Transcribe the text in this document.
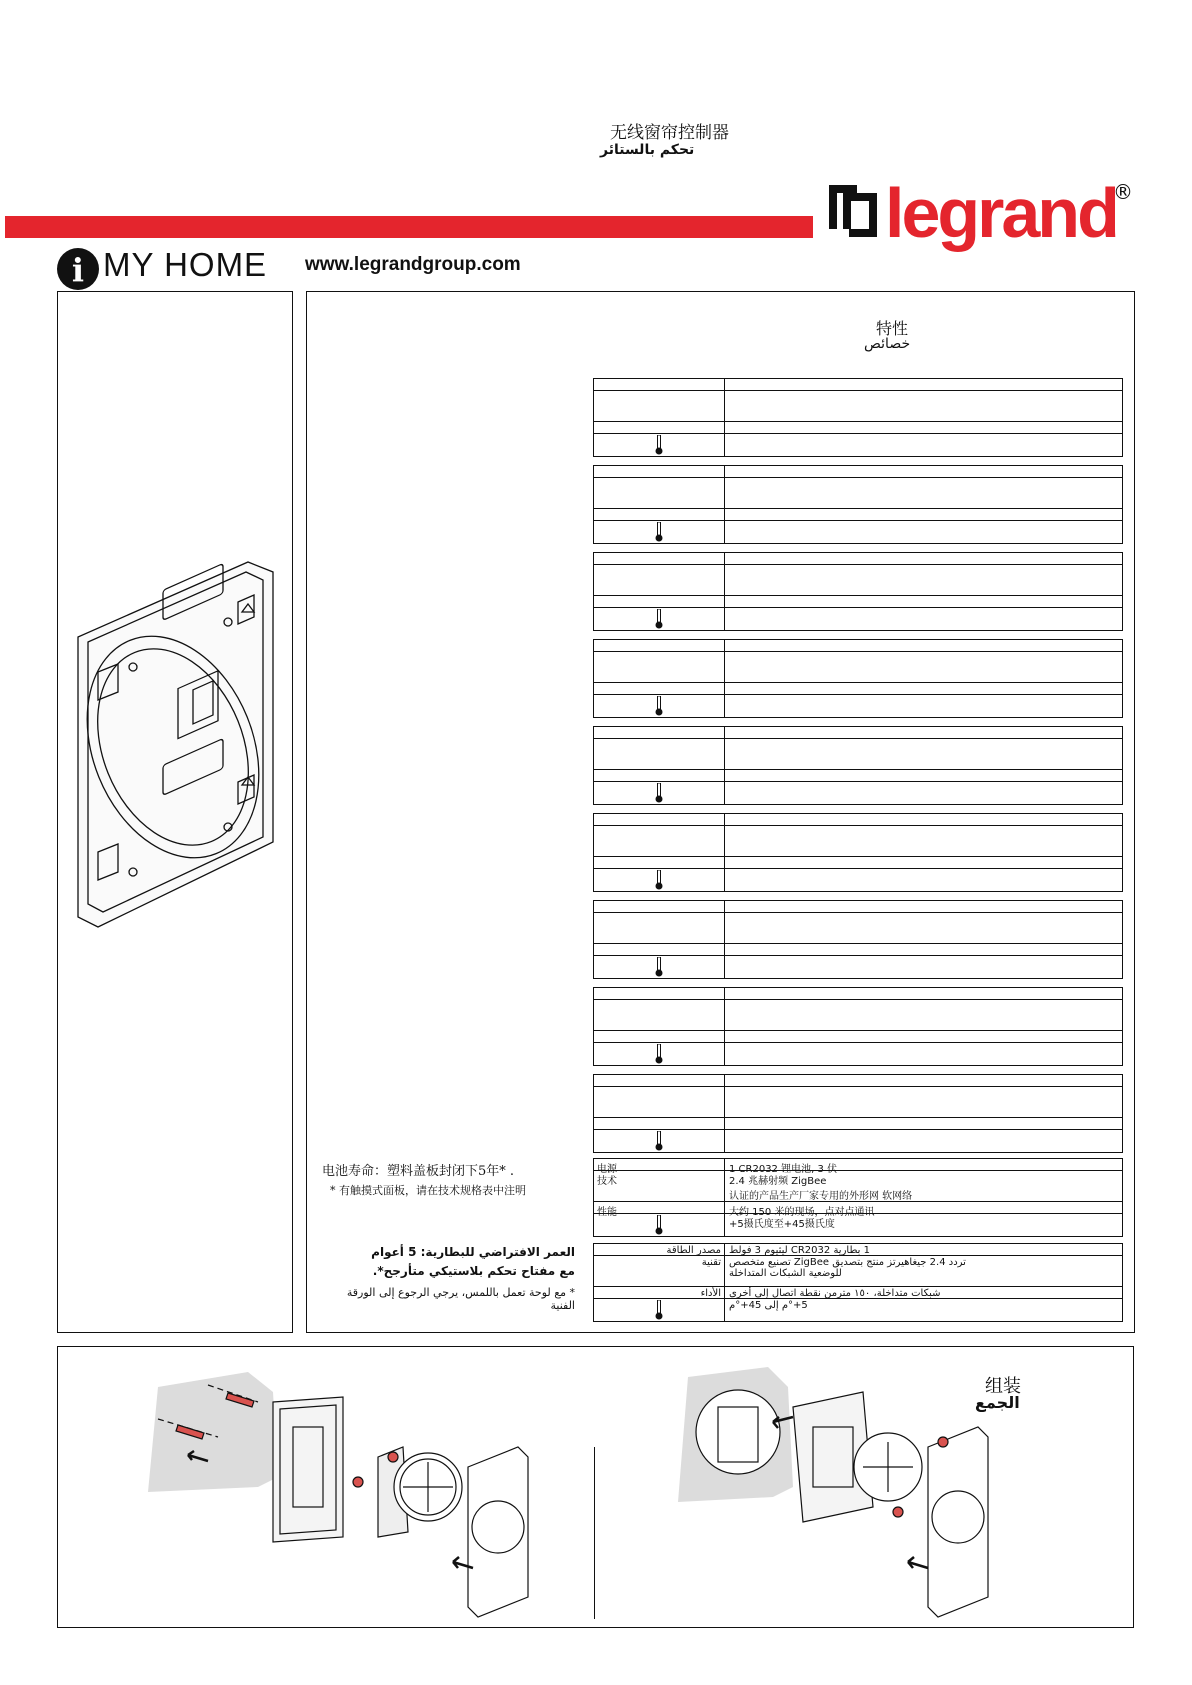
无线窗帘控制器
تحكم بالستائر
legrand
®
i MY HOME www.legrandgroup.com
特性
خصائص
电源	1 CR2032 锂电池, 3 伏
技术	2.4 兆赫射频 ZigBee
认证的产品生产厂家专用的外形网 软网络
性能	大约 150 米的现场，点对点通讯
+5摄氏度至+45摄氏度
مصدر الطاقة 1 بطارية CR2032 ليثيوم 3 فولط
تقنية تردد 2.4 جيغاهيرتز منتج بتصديق ZigBee تصنيع متخصص
للوضعية الشبكات المتداخلة
الأداء شبكات متداخلة، ١٥٠ مترمن نقطة اتصال إلى أخرى
5+°م إلى 45+°م
电池寿命：塑料盖板封闭下5年* .
* 有触摸式面板，请在技术规格表中注明
العمر الافتراضي للبطارية: 5 أعوام
مع مفتاح تحكم بلاستيكي متأرجح*.
* مع لوحة تعمل باللمس، يرجي الرجوع إلى الورقة الفنية
组装
الجمع
